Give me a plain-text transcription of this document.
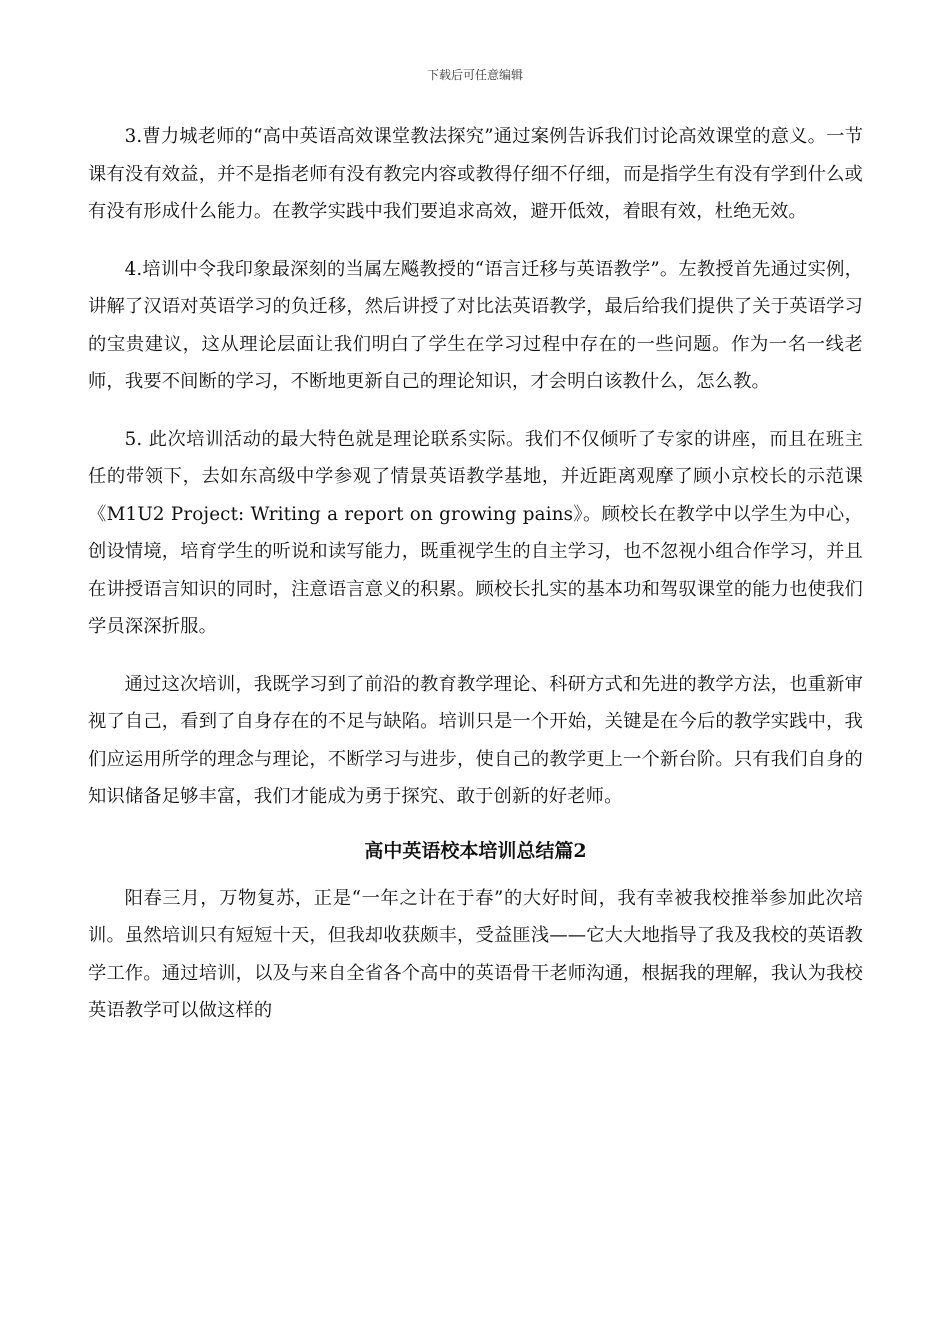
下载后可任意编辑

3.曹力城老师的“高中英语高效课堂教法探究”通过案例告诉我们讨论高效课堂的意义。一节课有没有效益，并不是指老师有没有教完内容或教得仔细不仔细，而是指学生有没有学到什么或有没有形成什么能力。在教学实践中我们要追求高效，避开低效，着眼有效，杜绝无效。

4.培训中令我印象最深刻的当属左飚教授的“语言迁移与英语教学”。左教授首先通过实例，讲解了汉语对英语学习的负迁移，然后讲授了对比法英语教学，最后给我们提供了关于英语学习的宝贵建议，这从理论层面让我们明白了学生在学习过程中存在的一些问题。作为一名一线老师，我要不间断的学习，不断地更新自己的理论知识，才会明白该教什么，怎么教。

5. 此次培训活动的最大特色就是理论联系实际。我们不仅倾听了专家的讲座，而且在班主任的带领下，去如东高级中学参观了情景英语教学基地，并近距离观摩了顾小京校长的示范课《M1U2 Project: Writing a report on growing pains》。顾校长在教学中以学生为中心，创设情境，培育学生的听说和读写能力，既重视学生的自主学习，也不忽视小组合作学习，并且在讲授语言知识的同时，注意语言意义的积累。顾校长扎实的基本功和驾驭课堂的能力也使我们学员深深折服。

通过这次培训，我既学习到了前沿的教育教学理论、科研方式和先进的教学方法，也重新审视了自己，看到了自身存在的不足与缺陷。培训只是一个开始，关键是在今后的教学实践中，我们应运用所学的理念与理论，不断学习与进步，使自己的教学更上一个新台阶。只有我们自身的知识储备足够丰富，我们才能成为勇于探究、敢于创新的好老师。

高中英语校本培训总结篇2

阳春三月，万物复苏，正是“一年之计在于春”的大好时间，我有幸被我校推举参加此次培训。虽然培训只有短短十天，但我却收获颇丰，受益匪浅——它大大地指导了我及我校的英语教学工作。通过培训，以及与来自全省各个高中的英语骨干老师沟通，根据我的理解，我认为我校英语教学可以做这样的
